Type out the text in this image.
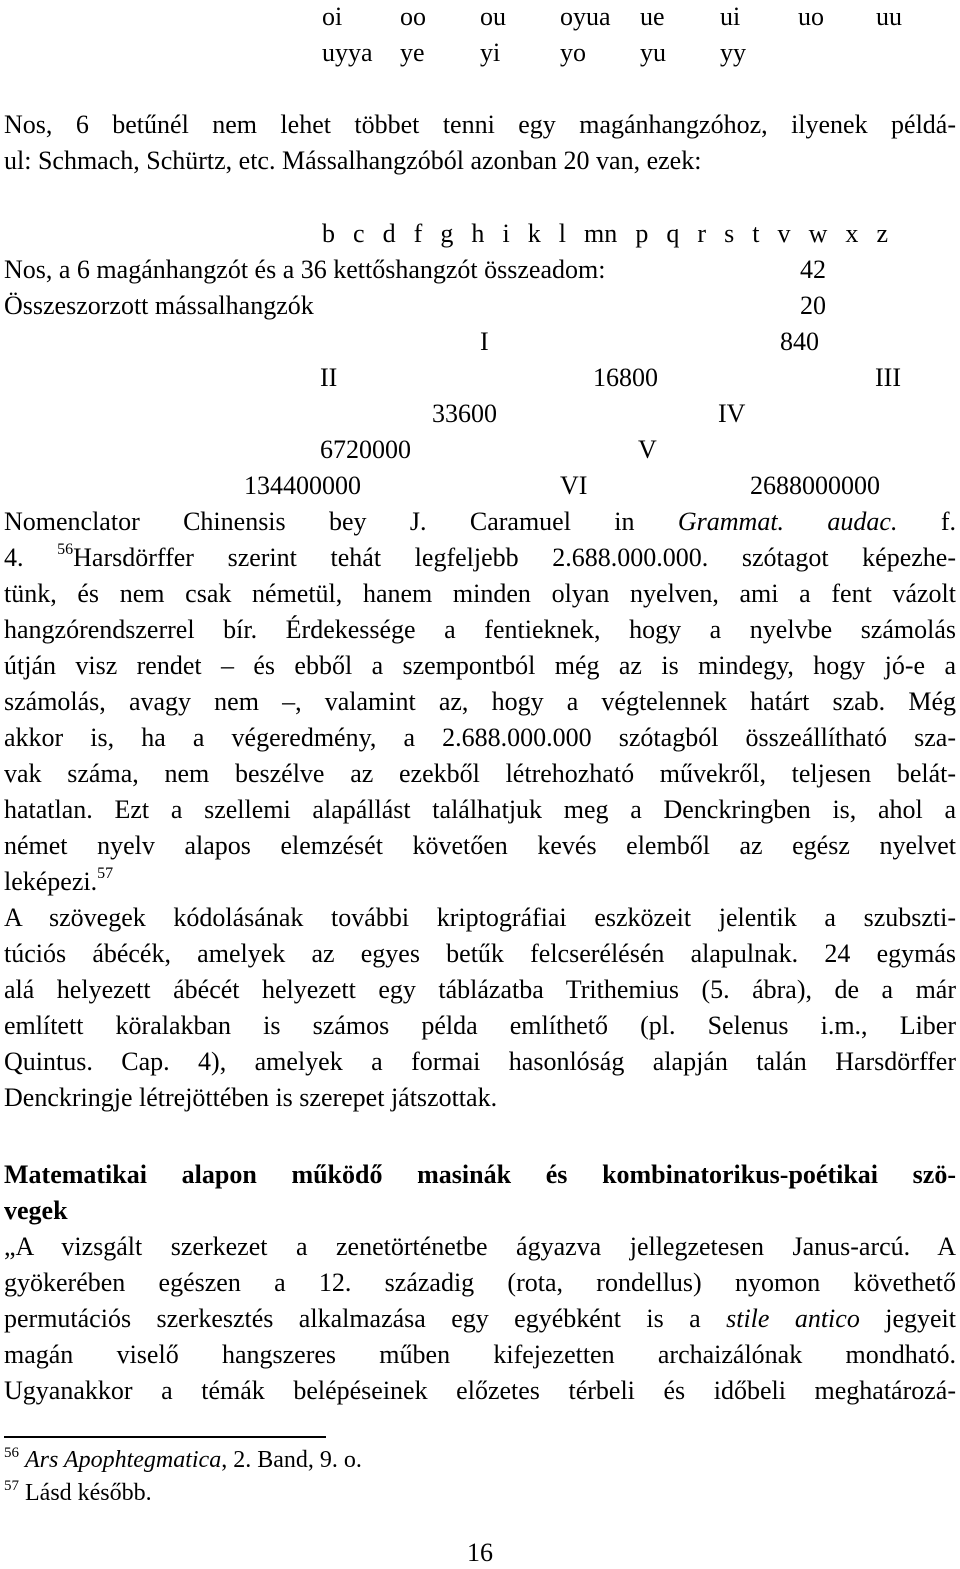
oi oo ou oyua ue ui uo uu
uyya ye yi yo yu yy
Nos, 6 betűnél nem lehet többet tenni egy magánhangzóhoz, ilyenek példá-
ul: Schmach, Schürtz, etc. Mássalhangzóból azonban 20 van, ezek:
b c d f g h i k l mn p q r s t v w x z
Nos, a 6 magánhangzót és a 36 kettőshangzót összeadom:	42
Összeszorzott mássalhangzók	20
I	840
II	16800	III
33600	IV
6720000	V
134400000	VI	2688000000
Nomenclator Chinensis bey J. Caramuel in Grammat. audac. f.
4. $^{56}$Harsdörffer szerint tehát legfeljebb 2.688.000.000. szótagot képezhe-
tünk, és nem csak németül, hanem minden olyan nyelven, ami a fent vázolt
hangzórendszerrel bír. Érdekessége a fentieknek, hogy a nyelvbe számolás
útján visz rendet – és ebből a szempontból még az is mindegy, hogy jó-e a
számolás, avagy nem –, valamint az, hogy a végtelennek határt szab. Még
akkor is, ha a végeredmény, a 2.688.000.000 szótagból összeállítható sza-
vak száma, nem beszélve az ezekből létrehozható művekről, teljesen belát-
hatatlan. Ezt a szellemi alapállást találhatjuk meg a Denckringben is, ahol a
német nyelv alapos elemzését követően kevés elemből az egész nyelvet
leképezi.$^{57}$
A szövegek kódolásának további kriptográfiai eszközeit jelentik a szubszti-
túciós ábécék, amelyek az egyes betűk felcserélésén alapulnak. 24 egymás
alá helyezett ábécét helyezett egy táblázatba Trithemius (5. ábra), de a már
említett köralakban is számos példa említhető (pl. Selenus i.m., Liber
Quintus. Cap. 4), amelyek a formai hasonlóság alapján talán Harsdörffer
Denckringje létrejöttében is szerepet játszottak.
Matematikai alapon működő masinák és kombinatorikus-poétikai szö-
vegek
„A vizsgált szerkezet a zenetörténetbe ágyazva jellegzetesen Janus-arcú. A
gyökerében egészen a 12. századig (rota, rondellus) nyomon követhető
permutációs szerkesztés alkalmazása egy egyébként is a stile antico jegyeit
magán viselő hangszeres műben kifejezetten archaizálónak mondható.
Ugyanakkor a témák belépéseinek előzetes térbeli és időbeli meghatározá-
$^{56}$ Ars Apophtegmatica, 2. Band, 9. o.
$^{57}$ Lásd később.
16
